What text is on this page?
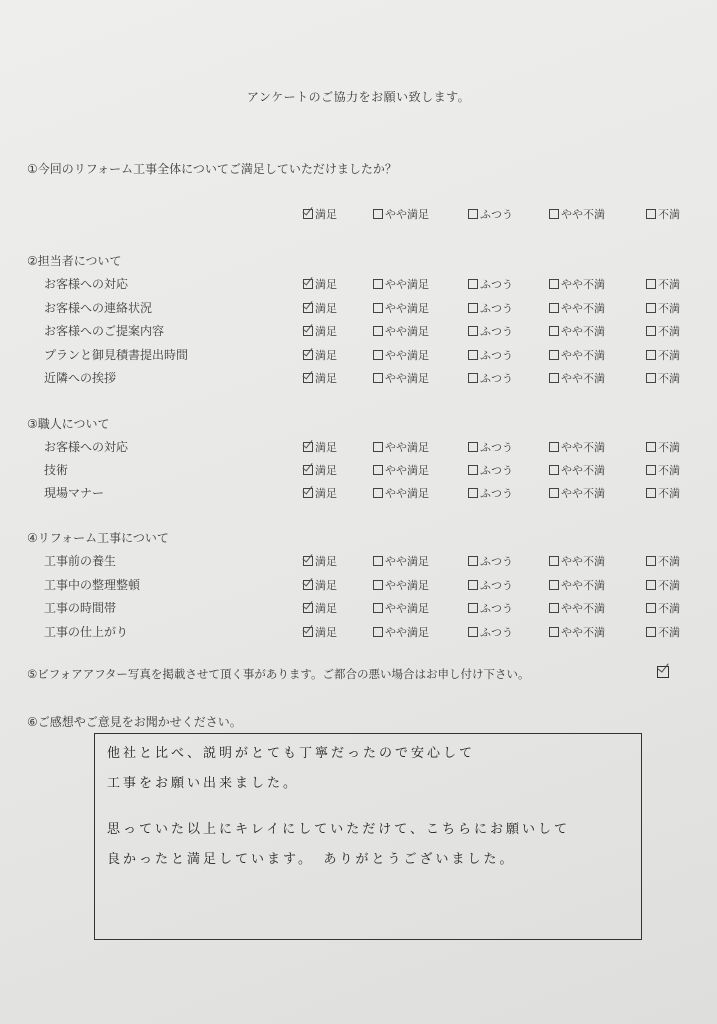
アンケートのご協力をお願い致します。
①今回のリフォーム工事全体についてご満足していただけましたか？
満足	やや満足	ふつう	やや不満	不満
②担当者について
お客様への対応	満足	やや満足	ふつう	やや不満	不満
お客様への連絡状況	満足	やや満足	ふつう	やや不満	不満
お客様へのご提案内容	満足	やや満足	ふつう	やや不満	不満
プランと御見積書提出時間	満足	やや満足	ふつう	やや不満	不満
近隣への挨拶	満足	やや満足	ふつう	やや不満	不満
③職人について
お客様への対応	満足	やや満足	ふつう	やや不満	不満
技術	満足	やや満足	ふつう	やや不満	不満
現場マナー	満足	やや満足	ふつう	やや不満	不満
④リフォーム工事について
工事前の養生	満足	やや満足	ふつう	やや不満	不満
工事中の整理整頓	満足	やや満足	ふつう	やや不満	不満
工事の時間帯	満足	やや満足	ふつう	やや不満	不満
工事の仕上がり	満足	やや満足	ふつう	やや不満	不満
⑤ビフォアアフター写真を掲載させて頂く事があります。ご都合の悪い場合はお申し付け下さい。
⑥ご感想やご意見をお聞かせください。
他社と比べ、説明がとても丁寧だったので安心して
工事をお願い出来ました。
思っていた以上にキレイにしていただけて、こちらにお願いして
良かったと満足しています。　ありがとうございました。
